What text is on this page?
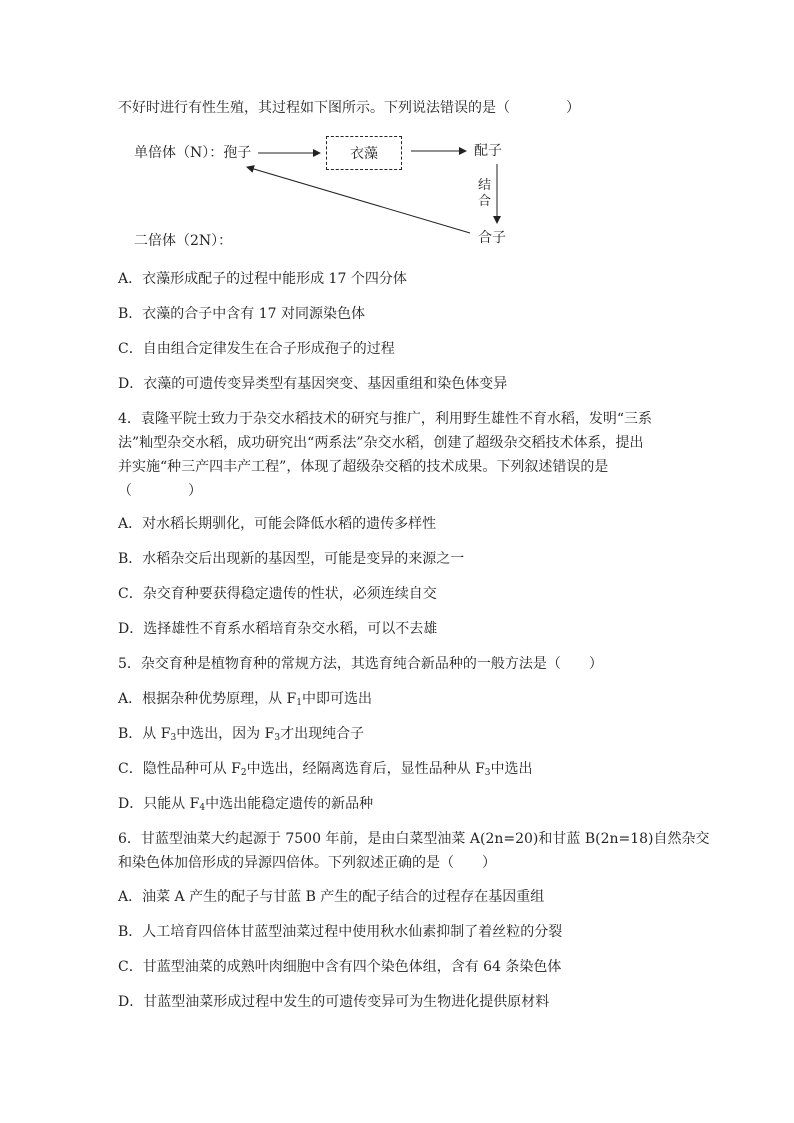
不好时进行有性生殖，其过程如下图所示。下列说法错误的是（　　　　）
单倍体（N）：孢子	衣藻	配子
结
合
二倍体（2N）：	合子
A．衣藻形成配子的过程中能形成 17 个四分体
B．衣藻的合子中含有 17 对同源染色体
C．自由组合定律发生在合子形成孢子的过程
D．衣藻的可遗传变异类型有基因突变、基因重组和染色体变异
4．袁隆平院士致力于杂交水稻技术的研究与推广，利用野生雄性不育水稻，发明“三系
法”籼型杂交水稻，成功研究出“两系法”杂交水稻，创建了超级杂交稻技术体系，提出
并实施“种三产四丰产工程”，体现了超级杂交稻的技术成果。下列叙述错误的是
（　　　　）
A．对水稻长期驯化，可能会降低水稻的遗传多样性
B．水稻杂交后出现新的基因型，可能是变异的来源之一
C．杂交育种要获得稳定遗传的性状，必须连续自交
D．选择雄性不育系水稻培育杂交水稻，可以不去雄
5．杂交育种是植物育种的常规方法，其选育纯合新品种的一般方法是（　　）
A．根据杂种优势原理，从 $F_1$中即可选出
B．从 $F_3$中选出，因为 $F_3$才出现纯合子
C．隐性品种可从 $F_2$中选出，经隔离选育后，显性品种从 $F_3$中选出
D．只能从 $F_4$中选出能稳定遗传的新品种
6．甘蓝型油菜大约起源于 7500 年前，是由白菜型油菜 A(2n=20)和甘蓝 B(2n=18)自然杂交
和染色体加倍形成的异源四倍体。下列叙述正确的是（　　）
A．油菜 A 产生的配子与甘蓝 B 产生的配子结合的过程存在基因重组
B．人工培育四倍体甘蓝型油菜过程中使用秋水仙素抑制了着丝粒的分裂
C．甘蓝型油菜的成熟叶肉细胞中含有四个染色体组，含有 64 条染色体
D．甘蓝型油菜形成过程中发生的可遗传变异可为生物进化提供原材料
